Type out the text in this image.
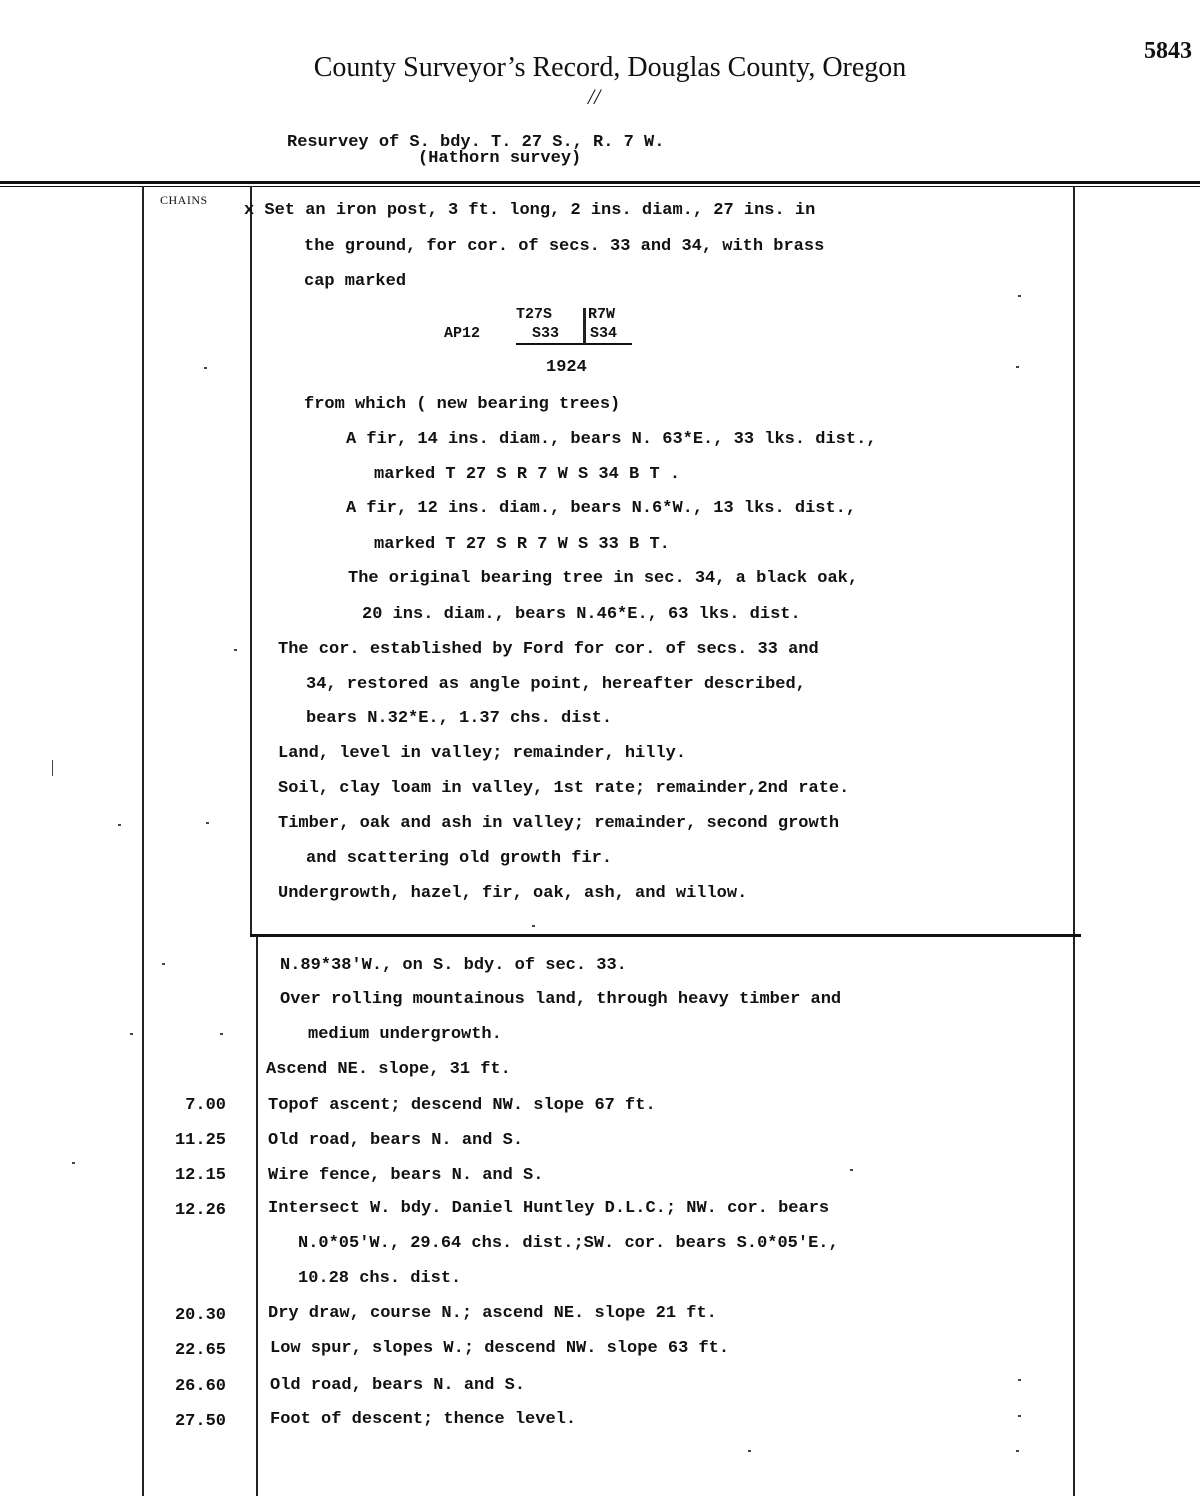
County Surveyor’s Record, Douglas County, Oregon
5843
//
Resurvey of S. bdy. T. 27 S., R. 7 W.
(Hathorn survey)
CHAINS
x Set an iron post, 3 ft. long, 2 ins. diam., 27 ins. in
the ground, for cor. of secs. 33 and 34, with brass
cap marked
AP12
T27S R7W
S33 S34
1924
from which ( new bearing trees)
A fir, 14 ins. diam., bears N. 63*E., 33 lks. dist.,
marked T 27 S R 7 W S 34 B T .
A fir, 12 ins. diam., bears N.6*W., 13 lks. dist.,
marked T 27 S R 7 W S 33 B T.
The original bearing tree in sec. 34, a black oak,
20 ins. diam., bears N.46*E., 63 lks. dist.
The cor. established by Ford for cor. of secs. 33 and
34, restored as angle point, hereafter described,
bears N.32*E., 1.37 chs. dist.
Land, level in valley; remainder, hilly.
Soil, clay loam in valley, 1st rate; remainder,2nd rate.
Timber, oak and ash in valley; remainder, second growth
and scattering old growth fir.
Undergrowth, hazel, fir, oak, ash, and willow.
N.89*38'W., on S. bdy. of sec. 33.
Over rolling mountainous land, through heavy timber and
medium undergrowth.
Ascend NE. slope, 31 ft.
7.00 Topof ascent; descend NW. slope 67 ft.
11.25 Old road, bears N. and S.
12.15 Wire fence, bears N. and S.
12.26 Intersect W. bdy. Daniel Huntley D.L.C.; NW. cor. bears
N.0*05'W., 29.64 chs. dist.;SW. cor. bears S.0*05'E.,
10.28 chs. dist.
20.30 Dry draw, course N.; ascend NE. slope 21 ft.
22.65	Low spur, slopes W.; descend NW. slope 63 ft.
26.60	Old road, bears N. and S.
27.50	Foot of descent; thence level.
